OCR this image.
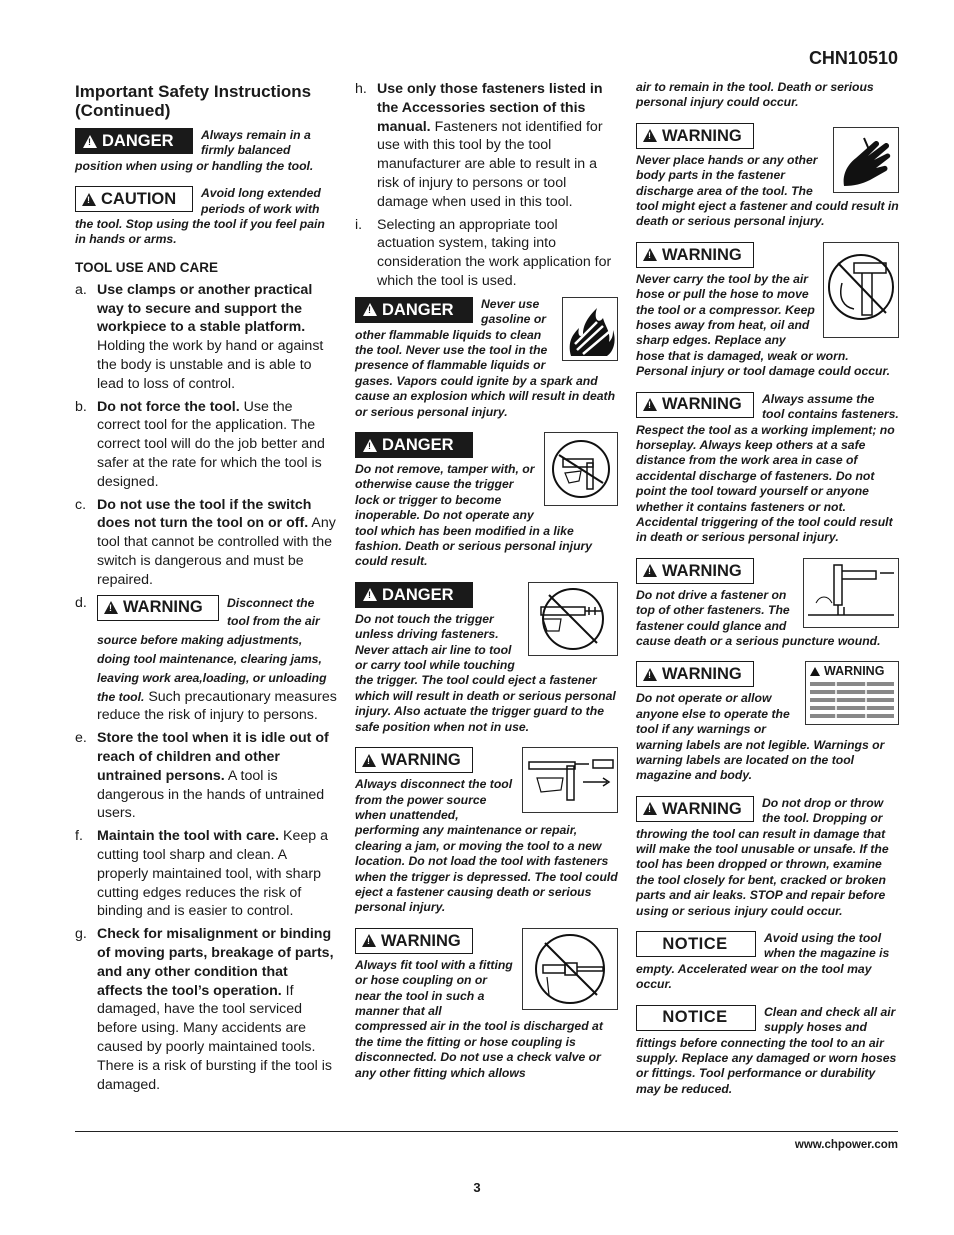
CHN10510
Important Safety Instructions (Continued)
!
DANGER	Always remain in a firmly balanced position when using or handling the tool.
!
CAUTION	Avoid long extended periods of work with the tool. Stop using the tool if you feel pain in hands or arms.
TOOL USE AND CARE
a. Use clamps or another practical way to secure and support the workpiece to a stable platform. Holding the work by hand or against the body is unstable and is able to lead to loss of control.
b. Do not force the tool. Use the correct tool for the application. The correct tool will do the job better and safer at the rate for which the tool is designed.
c. Do not use the tool if the switch does not turn the tool on or off. Any tool that cannot be controlled with the switch is dangerous and must be repaired.
d.
! WARNING Disconnect the tool from the air source before making adjustments, doing tool maintenance, clearing jams, leaving work area,loading, or unloading the tool. Such precautionary measures reduce the risk of injury to persons.
e. Store the tool when it is idle out of reach of children and other untrained persons. A tool is dangerous in the hands of untrained users.
f. Maintain the tool with care. Keep a cutting tool sharp and clean. A properly maintained tool, with sharp cutting edges reduces the risk of binding and is easier to control.
g. Check for misalignment or binding of moving parts, breakage of parts, and any other condition that affects the tool’s operation. If damaged, have the tool serviced before using. Many accidents are caused by poorly maintained tools. There is a risk of bursting if the tool is damaged.
h. Use only those fasteners listed in the Accessories section of this manual. Fasteners not identified for use with this tool by the tool manufacturer are able to result in a risk of injury to persons or tool damage when used in this tool.
i. Selecting an appropriate tool actuation system, taking into consideration the work application for which the tool is used.
!
DANGER	Never use gasoline or other flammable liquids to clean the tool. Never use the tool in the presence of flammable liquids or gases. Vapors could ignite by a spark and cause an explosion which will result in death or serious personal injury.
!
DANGER
Do not remove, tamper with, or otherwise cause the trigger lock or trigger to become inoperable. Do not operate any tool which has been modified in a like fashion. Death or serious personal injury could result.
!
DANGER
Do not touch the trigger unless driving fasteners. Never attach air line to tool or carry tool while touching the trigger. The tool could eject a fastener which will result in death or serious personal injury. Also actuate the trigger guard to the safe position when not in use.
!
WARNING
Always disconnect the tool from the power source when unattended, performing any maintenance or repair, clearing a jam, or moving the tool to a new location. Do not load the tool with fasteners when the trigger is depressed. The tool could eject a fastener causing death or serious personal injury.
!
WARNING
Always fit tool with a fitting or hose coupling on or near the tool in such a manner that all compressed air in the tool is discharged at the time the fitting or hose coupling is disconnected. Do not use a check valve or any other fitting which allows
air to remain in the tool. Death or serious personal injury could occur.
!
WARNING
Never place hands or any other body parts in the fastener discharge area of the tool. The tool might eject a fastener and could result in death or serious personal injury.
!
WARNING
Never carry the tool by the air hose or pull the hose to move the tool or a compressor. Keep hoses away from heat, oil and sharp edges. Replace any hose that is damaged, weak or worn. Personal injury or tool damage could occur.
!
WARNING	Always assume the tool contains fasteners. Respect the tool as a working implement; no horseplay. Always keep others at a safe distance from the work area in case of accidental discharge of fasteners. Do not point the tool toward yourself or anyone whether it contains fasteners or not. Accidental triggering of the tool could result in death or serious personal injury.
!
WARNING
Do not drive a fastener on top of other fasteners. The fastener could glance and cause death or a serious puncture wound.
WARNING
!
WARNING
Do not operate or allow anyone else to operate the tool if any warnings or warning labels are not legible. Warnings or warning labels are located on the tool magazine and body.
!
WARNING	Do not drop or throw the tool. Dropping or throwing the tool can result in damage that will make the tool unusable or unsafe. If the tool has been dropped or thrown, examine the tool closely for bent, cracked or broken parts and air leaks. STOP and repair before using or serious injury could occur.
NOTICE	Avoid using the tool when the magazine is empty. Accelerated wear on the tool may occur.
NOTICE	Clean and check all air supply hoses and fittings before connecting the tool to an air supply. Replace any damaged or worn hoses or fittings. Tool performance or durability may be reduced.
www.chpower.com
3
